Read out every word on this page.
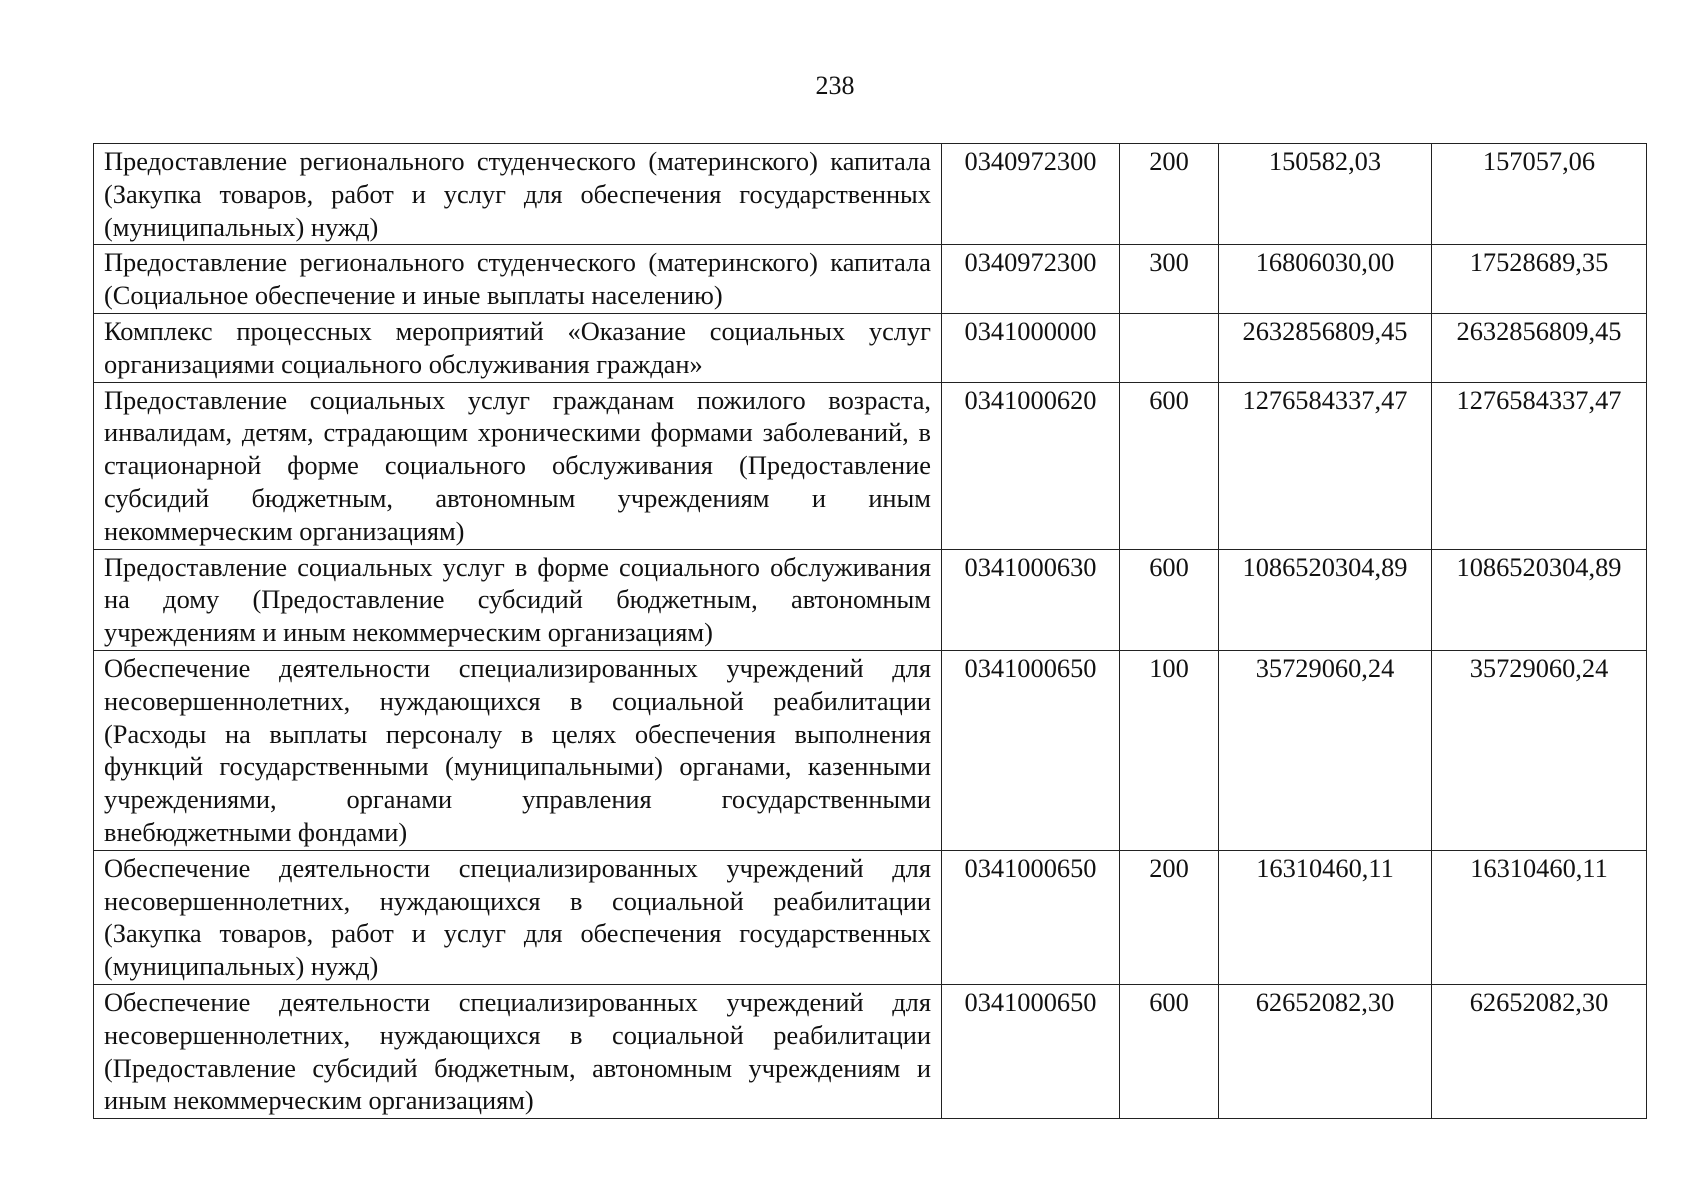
238
Предоставление регионального студенческого (материнского) капитала (Закупка товаров, работ и услуг для обеспечения государственных (муниципальных) нужд)	0340972300	200	150582,03	157057,06
Предоставление регионального студенческого (материнского) капитала (Социальное обеспечение и иные выплаты населению)	0340972300	300	16806030,00	17528689,35
Комплекс процессных мероприятий «Оказание социальных услуг организациями социального обслуживания граждан»	0341000000		2632856809,45	2632856809,45
Предоставление социальных услуг гражданам пожилого возраста, инвалидам, детям, страдающим хроническими формами заболеваний, в стационарной форме социального обслуживания (Предоставление субсидий бюджетным, автономным учреждениям и иным некоммерческим организациям)	0341000620	600	1276584337,47	1276584337,47
Предоставление социальных услуг в форме социального обслуживания на дому (Предоставление субсидий бюджетным, автономным учреждениям и иным некоммерческим организациям)	0341000630	600	1086520304,89	1086520304,89
Обеспечение деятельности специализированных учреждений для несовершеннолетних, нуждающихся в социальной реабилитации (Расходы на выплаты персоналу в целях обеспечения выполнения функций государственными (муниципальными) органами, казенными учреждениями, органами управления государственными внебюджетными фондами)	0341000650	100	35729060,24	35729060,24
Обеспечение деятельности специализированных учреждений для несовершеннолетних, нуждающихся в социальной реабилитации (Закупка товаров, работ и услуг для обеспечения государственных (муниципальных) нужд)	0341000650	200	16310460,11	16310460,11
Обеспечение деятельности специализированных учреждений для несовершеннолетних, нуждающихся в социальной реабилитации (Предоставление субсидий бюджетным, автономным учреждениям и иным некоммерческим организациям)	0341000650	600	62652082,30	62652082,30
